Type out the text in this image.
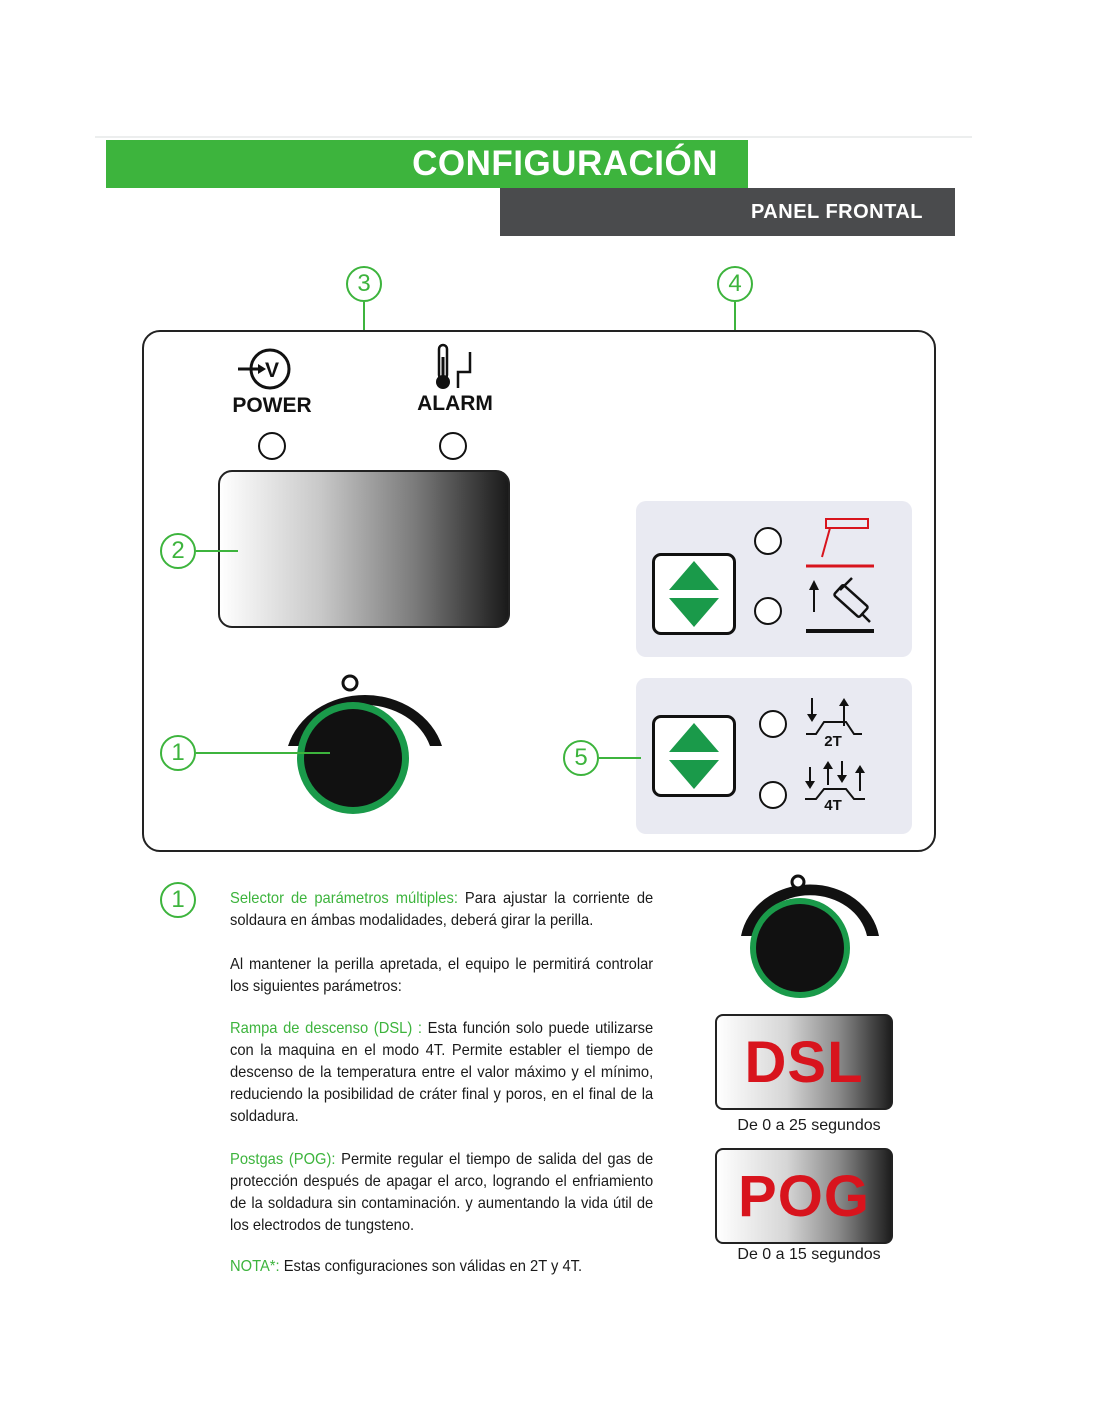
CONFIGURACIÓN
PANEL FRONTAL
3	4
V
POWER	ALARM
2
1	2T
4T
5
1	Selector de parámetros múltiples: Para ajustar la corriente de soldaura en ámbas modalidades, deberá girar la perilla.
Al mantener la perilla apretada, el equipo le permitirá controlar los siguientes parámetros:
Rampa de descenso (DSL) : Esta función solo puede utilizarse con la maquina en el modo 4T. Permite establer el tiempo de descenso de la temperatura entre el valor máximo y el mínimo, reduciendo la posibilidad de cráter final y poros, en el final de la soldadura.
Postgas (POG): Permite regular el tiempo de salida del gas de protección después de apagar el arco, logrando el enfriamiento de la soldadura sin contaminación. y aumentando la vida útil de los electrodos de tungsteno.
NOTA*: Estas configuraciones son válidas en 2T y 4T.
DSL
De 0 a 25 segundos
POG
De 0 a 15 segundos
